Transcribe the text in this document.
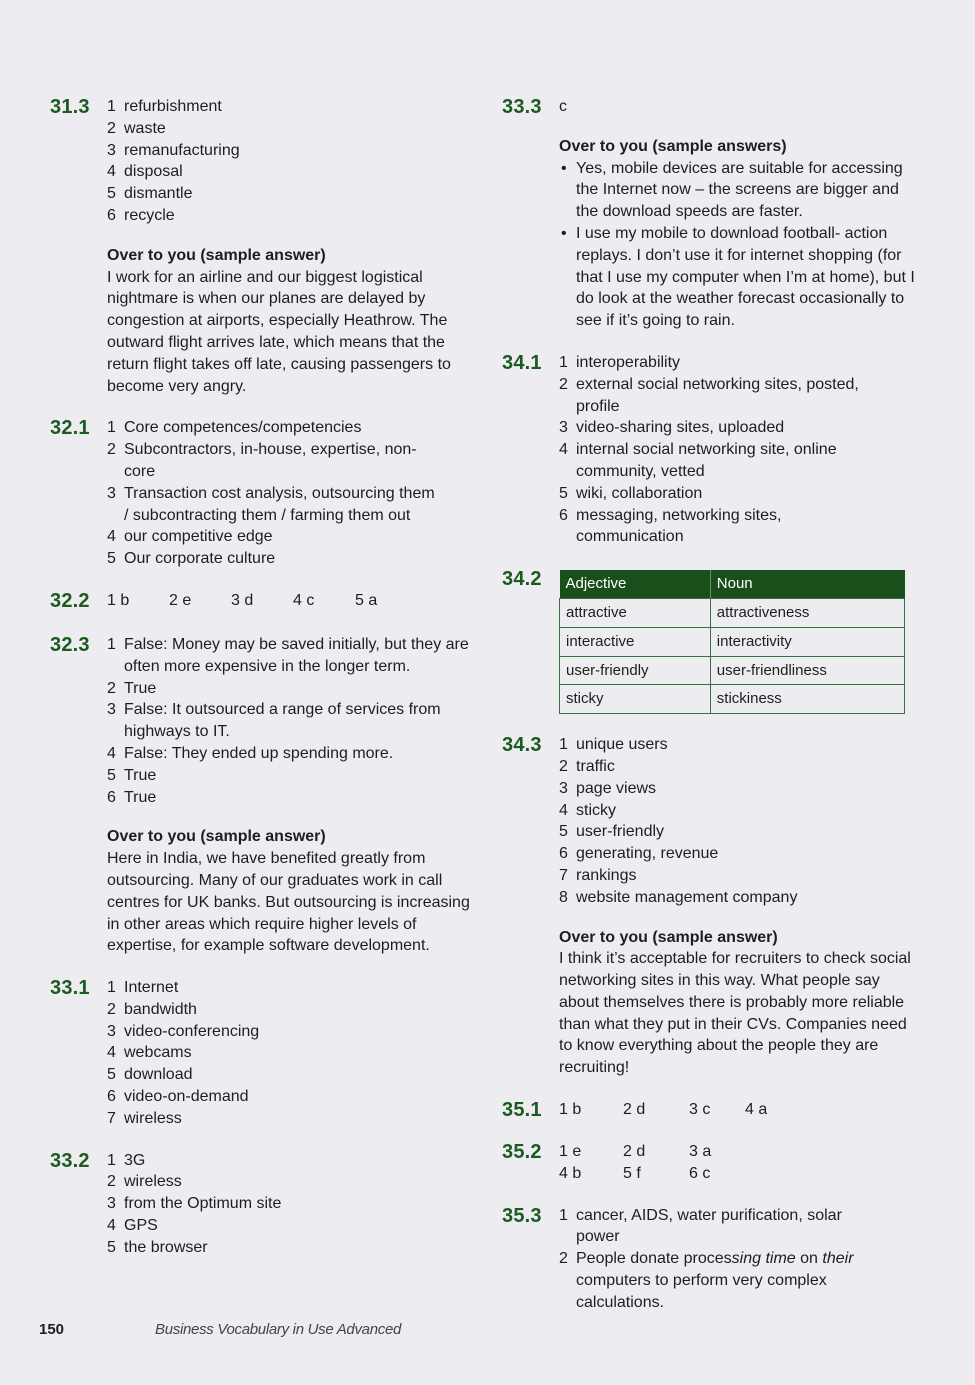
31.3	1 refurbishment
2 waste
3 remanufacturing
4 disposal
5 dismantle
6 recycle
Over to you (sample answer)
I work for an airline and our biggest logistical nightmare is when our planes are delayed by congestion at airports, especially Heathrow. The outward flight arrives late, which means that the return flight takes off late, causing passengers to become very angry.
32.1	1 Core competences/competencies
2 Subcontractors, in-house, expertise, non-core
3 Transaction cost analysis, outsourcing them / subcontracting them / farming them out
4 our competitive edge
5 Our corporate culture
32.2	1 b	2 e	3 d	4 c	5 a
32.3	1 False: Money may be saved initially, but they are often more expensive in the longer term.
2 True
3 False: It outsourced a range of services from highways to IT.
4 False: They ended up spending more.
5 True
6 True
Over to you (sample answer)
Here in India, we have benefited greatly from outsourcing. Many of our graduates work in call centres for UK banks. But outsourcing is increasing in other areas which require higher levels of expertise, for example software development.
33.1	1 Internet
2 bandwidth
3 video-conferencing
4 webcams
5 download
6 video-on-demand
7 wireless
33.2	1 3G
2 wireless
3 from the Optimum site
4 GPS
5 the browser
33.3	c
Over to you (sample answers)
• Yes, mobile devices are suitable for accessing the Internet now – the screens are bigger and the download speeds are faster.
• I use my mobile to download football- action replays. I don’t use it for internet shopping (for that I use my computer when I’m at home), but I do look at the weather forecast occasionally to see if it’s going to rain.
34.1	1 interoperability
2 external social networking sites, posted, profile
3 video-sharing sites, uploaded
4 internal social networking site, online community, vetted
5 wiki, collaboration
6 messaging, networking sites, communication
34.2	Adjective	Noun
attractive	attractiveness
interactive	interactivity
user-friendly	user-friendliness
sticky	stickiness
34.3	1 unique users
2 traffic
3 page views
4 sticky
5 user-friendly
6 generating, revenue
7 rankings
8 website management company
Over to you (sample answer)
I think it’s acceptable for recruiters to check social networking sites in this way. What people say about themselves there is probably more reliable than what they put in their CVs. Companies need to know everything about the people they are recruiting!
35.1	1 b	2 d	3 c	4 a
35.2	1 e	2 d	3 a
4 b	5 f	6 c
35.3	1 cancer, AIDS, water purification, solar power
2 People donate processing time on their computers to perform very complex calculations.
150	Business Vocabulary in Use Advanced
